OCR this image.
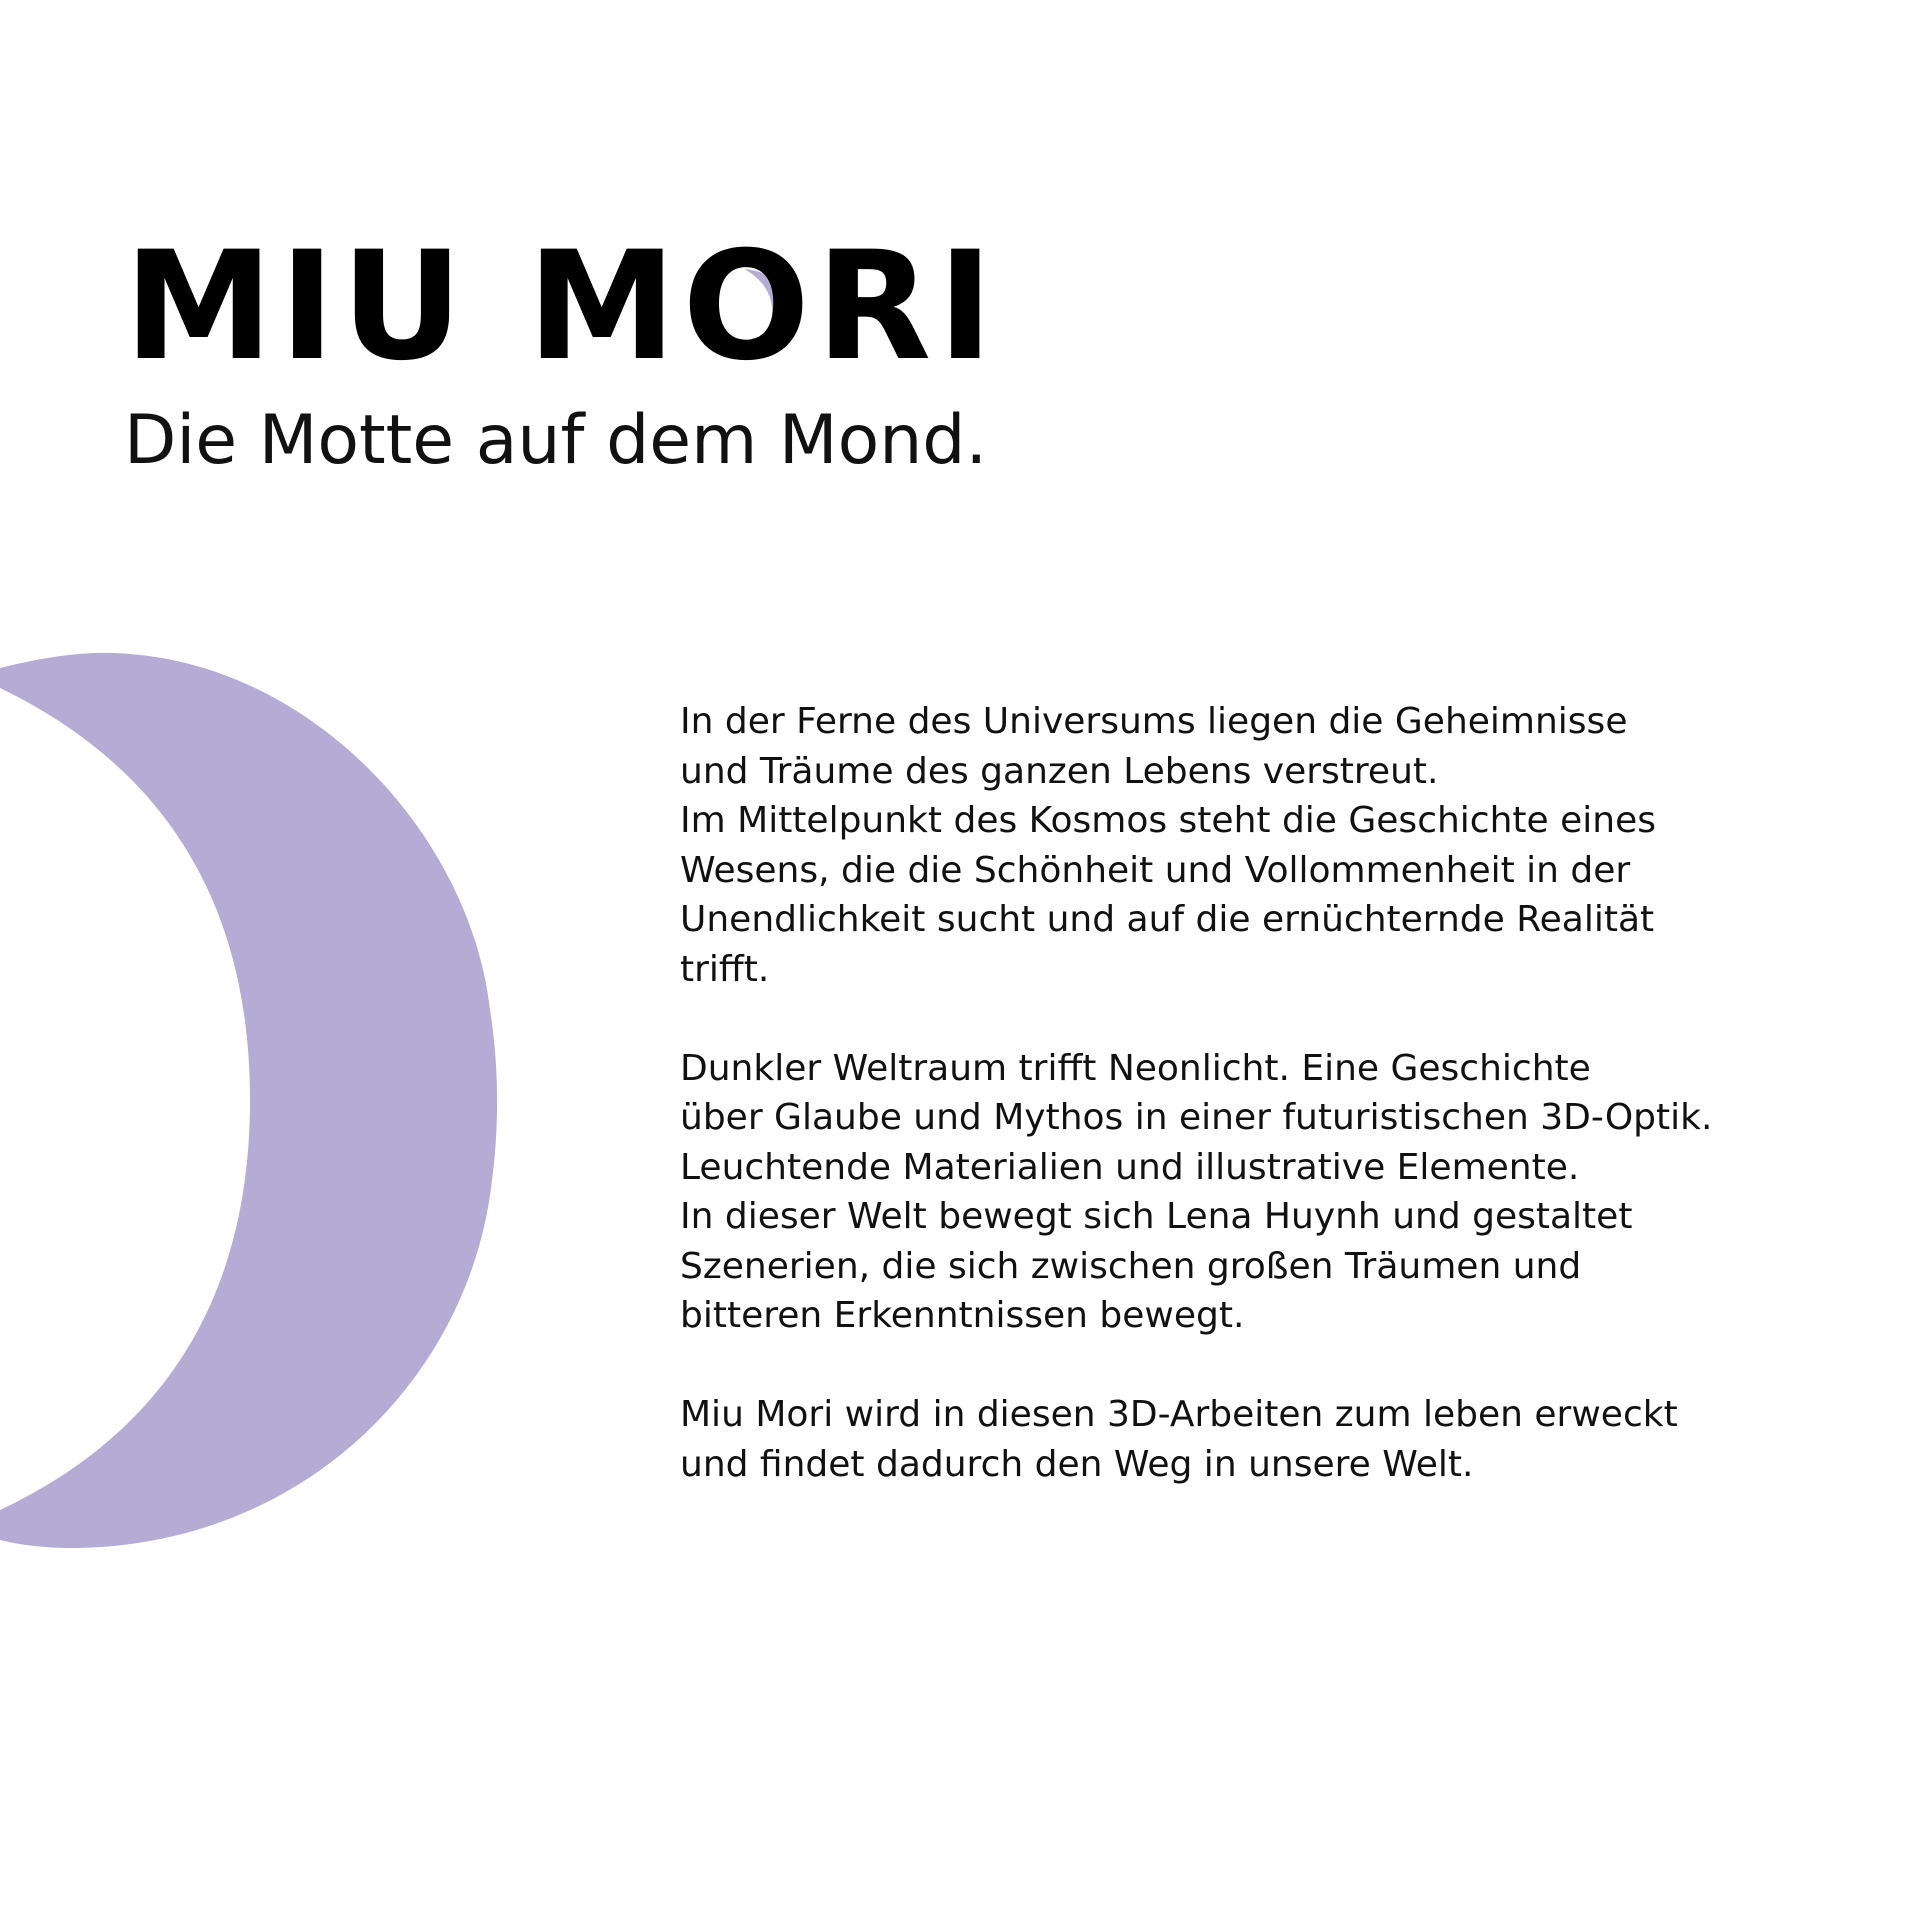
MIU M
ORI
Die Motte auf dem Mond.

In der Ferne des Universums liegen die Geheimnisse
und Träume des ganzen Lebens verstreut.
Im Mittelpunkt des Kosmos steht die Geschichte eines
Wesens, die die Schönheit und Vollommenheit in der
Unendlichkeit sucht und auf die ernüchternde Realität
trifft.

Dunkler Weltraum trifft Neonlicht. Eine Geschichte
über Glaube und Mythos in einer futuristischen 3D-Optik.
Leuchtende Materialien und illustrative Elemente.
In dieser Welt bewegt sich Lena Huynh und gestaltet
Szenerien, die sich zwischen großen Träumen und
bitteren Erkenntnissen bewegt.

Miu Mori wird in diesen 3D-Arbeiten zum leben erweckt
und findet dadurch den Weg in unsere Welt.
